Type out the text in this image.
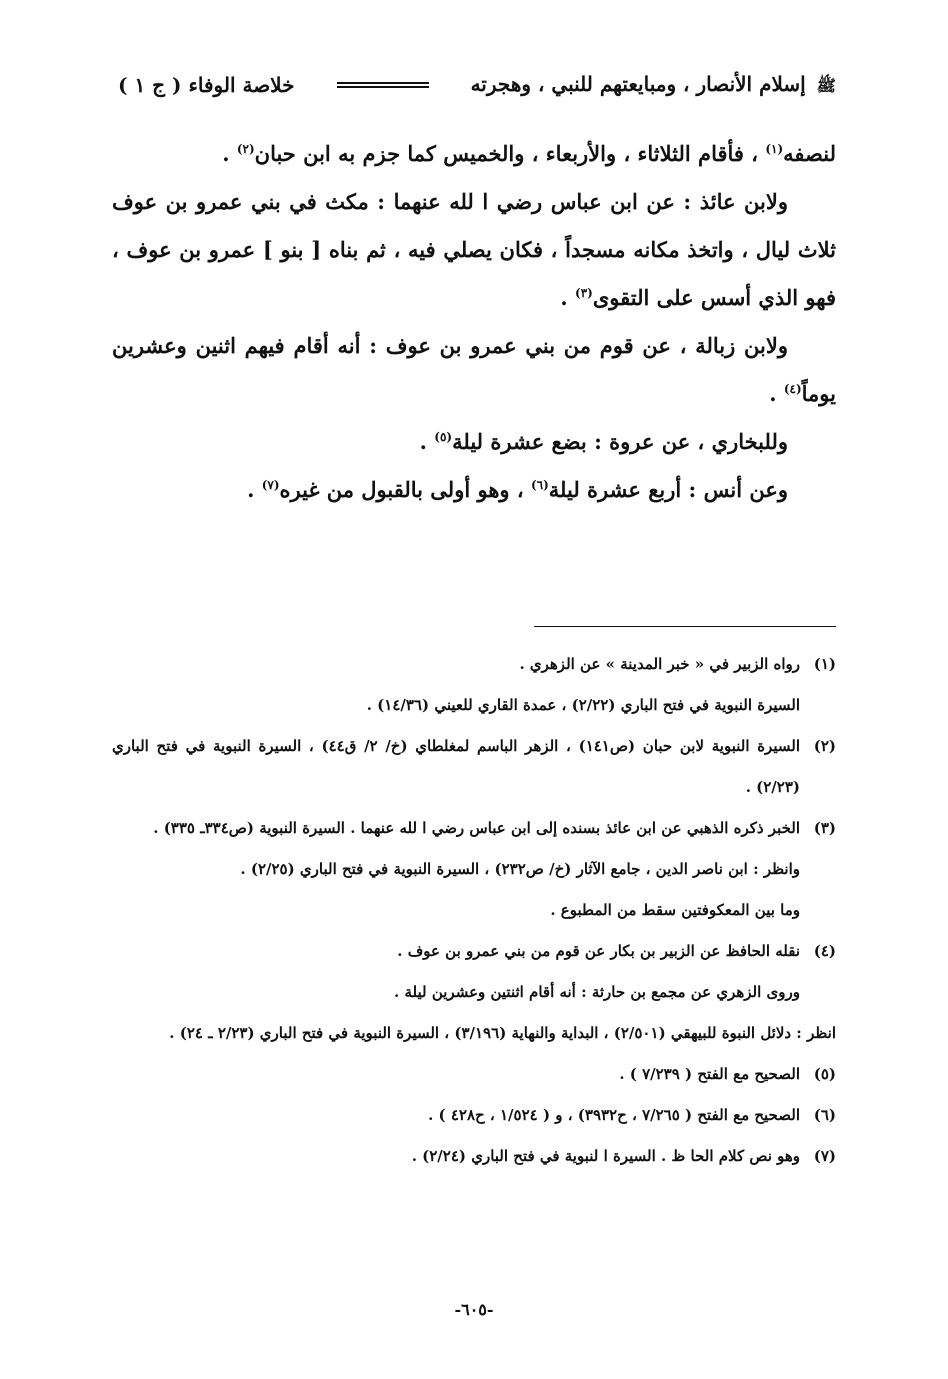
ﷺ إسلام الأنصار ، ومبايعتهم للنبي ، وهجرته
خلاصة الوفاء ( ج ١ )

لنصفه$^{(١)}$ ، فأقام الثلاثاء ، والأربعاء ، والخميس كما جزم به ابن حبان$^{(٢)}$ .

ولابن عائذ : عن ابن عباس رضي ا لله عنهما : مكث في بني عمرو بن عوف ثلاث ليال ، واتخذ مكانه مسجداً ، فكان يصلي فيه ، ثم بناه [ بنو ] عمرو بن عوف ، فهو الذي أسس على التقوى$^{(٣)}$ .

ولابن زبالة ، عن قوم من بني عمرو بن عوف : أنه أقام فيهم اثنين وعشرين يوماً$^{(٤)}$ .

وللبخاري ، عن عروة : بضع عشرة ليلة$^{(٥)}$ .

وعن أنس : أربع عشرة ليلة$^{(٦)}$ ، وهو أولى بالقبول من غيره$^{(٧)}$ .

(١)
رواه الزبير في « خبر المدينة » عن الزهري .
السيرة النبوية في فتح الباري (٢/٢٢) ، عمدة القاري للعيني (١٤/٣٦) .
(٢)
السيرة النبوية لابن حبان (ص١٤١) ، الزهر الباسم لمغلطاي (خ/ ٢/ ق٤٤) ، السيرة النبوية في فتح الباري (٢/٢٣) .
(٣)
الخبر ذكره الذهبي عن ابن عائذ بسنده إلى ابن عباس رضي ا لله عنهما . السيرة النبوية (ص٣٣٤ـ ٣٣٥) .
وانظر : ابن ناصر الدين ، جامع الآثار (خ/ ص٢٣٢) ، السيرة النبوية في فتح الباري (٢/٢٥) .
وما بين المعكوفتين سقط من المطبوع .
(٤)
نقله الحافظ عن الزبير بن بكار عن قوم من بني عمرو بن عوف .
وروى الزهري عن مجمع بن حارثة : أنه أقام اثنتين وعشرين ليلة .
انظر : دلائل النبوة للبيهقي (٢/٥٠١) ، البداية والنهاية (٣/١٩٦) ، السيرة النبوية في فتح الباري (٢/٢٣ ـ ٢٤) .
(٥)
الصحيح مع الفتح ( ٧/٢٣٩ ) .
(٦)
الصحيح مع الفتح ( ٧/٢٦٥ ، ح٣٩٣٢) ، و ( ١/٥٢٤ ، ح٤٢٨ ) .
(٧)
وهو نص كلام الحا ظ . السيرة ا لنبوية في فتح الباري (٢/٢٤) .
-٦٠٥-
